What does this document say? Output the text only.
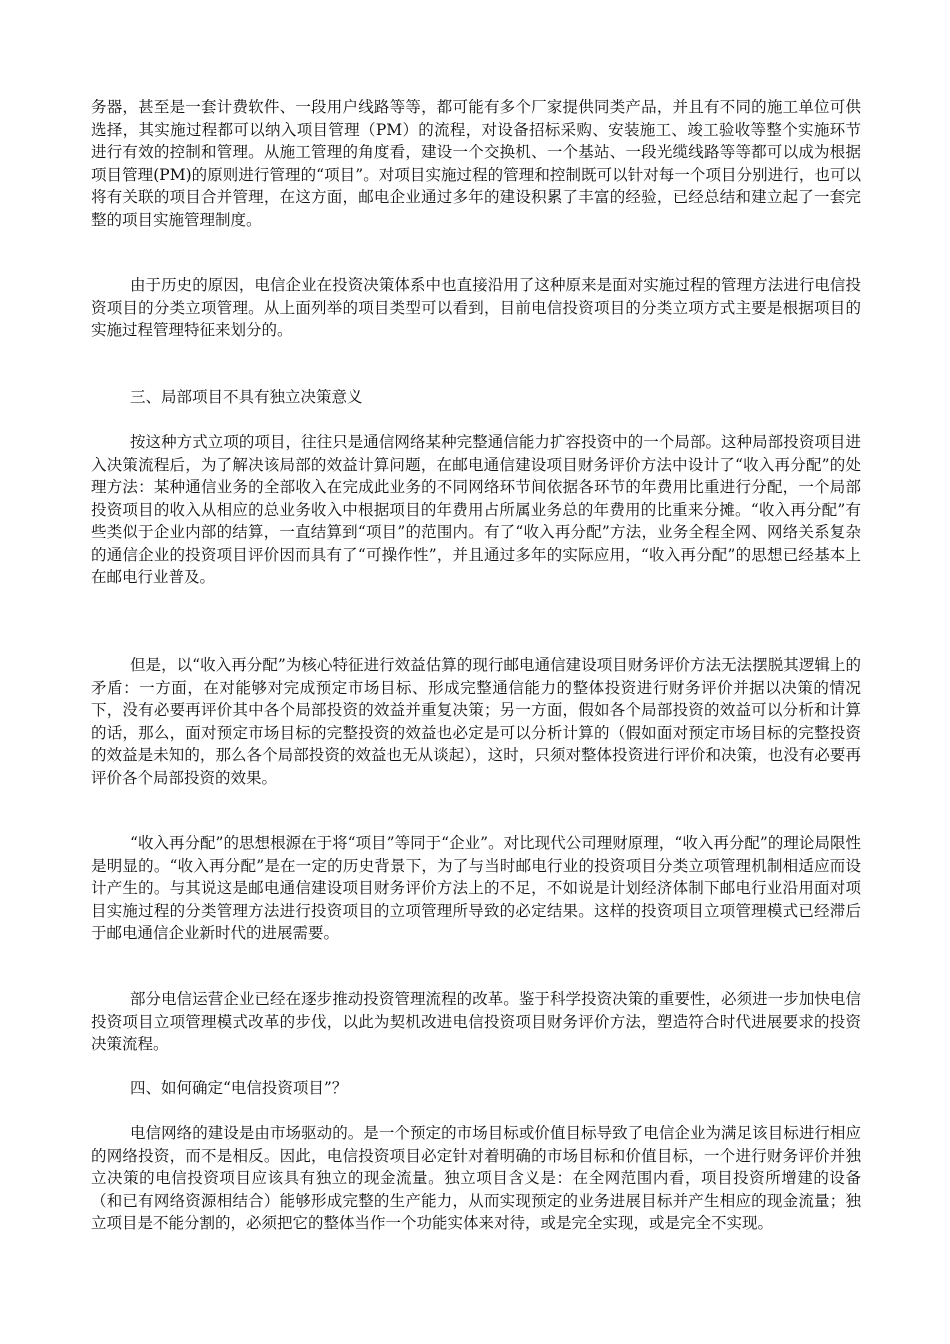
务器，甚至是一套计费软件、一段用户线路等等，都可能有多个厂家提供同类产品，并且有不同的施工单位可供选择，其实施过程都可以纳入项目管理（PM）的流程，对设备招标采购、安装施工、竣工验收等整个实施环节进行有效的控制和管理。从施工管理的角度看，建设一个交换机、一个基站、一段光缆线路等等都可以成为根据项目管理(PM)的原则进行管理的“项目”。对项目实施过程的管理和控制既可以针对每一个项目分别进行，也可以将有关联的项目合并管理，在这方面，邮电企业通过多年的建设积累了丰富的经验，已经总结和建立起了一套完整的项目实施管理制度。

由于历史的原因，电信企业在投资决策体系中也直接沿用了这种原来是面对实施过程的管理方法进行电信投资项目的分类立项管理。从上面列举的项目类型可以看到，目前电信投资项目的分类立项方式主要是根据项目的实施过程管理特征来划分的。

三、局部项目不具有独立决策意义

按这种方式立项的项目，往往只是通信网络某种完整通信能力扩容投资中的一个局部。这种局部投资项目进入决策流程后，为了解决该局部的效益计算问题，在邮电通信建设项目财务评价方法中设计了“收入再分配”的处理方法：某种通信业务的全部收入在完成此业务的不同网络环节间依据各环节的年费用比重进行分配，一个局部投资项目的收入从相应的总业务收入中根据项目的年费用占所属业务总的年费用的比重来分摊。“收入再分配”有些类似于企业内部的结算，一直结算到“项目”的范围内。有了“收入再分配”方法，业务全程全网、网络关系复杂的通信企业的投资项目评价因而具有了“可操作性”，并且通过多年的实际应用，“收入再分配”的思想已经基本上在邮电行业普及。

但是，以“收入再分配”为核心特征进行效益估算的现行邮电通信建设项目财务评价方法无法摆脱其逻辑上的矛盾：一方面，在对能够对完成预定市场目标、形成完整通信能力的整体投资进行财务评价并据以决策的情况下，没有必要再评价其中各个局部投资的效益并重复决策；另一方面，假如各个局部投资的效益可以分析和计算的话，那么，面对预定市场目标的完整投资的效益也必定是可以分析计算的（假如面对预定市场目标的完整投资的效益是未知的，那么各个局部投资的效益也无从谈起），这时，只须对整体投资进行评价和决策，也没有必要再评价各个局部投资的效果。

“收入再分配”的思想根源在于将“项目”等同于“企业”。对比现代公司理财原理，“收入再分配”的理论局限性是明显的。“收入再分配”是在一定的历史背景下，为了与当时邮电行业的投资项目分类立项管理机制相适应而设计产生的。与其说这是邮电通信建设项目财务评价方法上的不足，不如说是计划经济体制下邮电行业沿用面对项目实施过程的分类管理方法进行投资项目的立项管理所导致的必定结果。这样的投资项目立项管理模式已经滞后于邮电通信企业新时代的进展需要。

部分电信运营企业已经在逐步推动投资管理流程的改革。鉴于科学投资决策的重要性，必须进一步加快电信投资项目立项管理模式改革的步伐，以此为契机改进电信投资项目财务评价方法，塑造符合时代进展要求的投资决策流程。

四、如何确定“电信投资项目”？

电信网络的建设是由市场驱动的。是一个预定的市场目标或价值目标导致了电信企业为满足该目标进行相应的网络投资，而不是相反。因此，电信投资项目必定针对着明确的市场目标和价值目标，一个进行财务评价并独立决策的电信投资项目应该具有独立的现金流量。独立项目含义是：在全网范围内看，项目投资所增建的设备（和已有网络资源相结合）能够形成完整的生产能力，从而实现预定的业务进展目标并产生相应的现金流量；独立项目是不能分割的，必须把它的整体当作一个功能实体来对待，或是完全实现，或是完全不实现。
